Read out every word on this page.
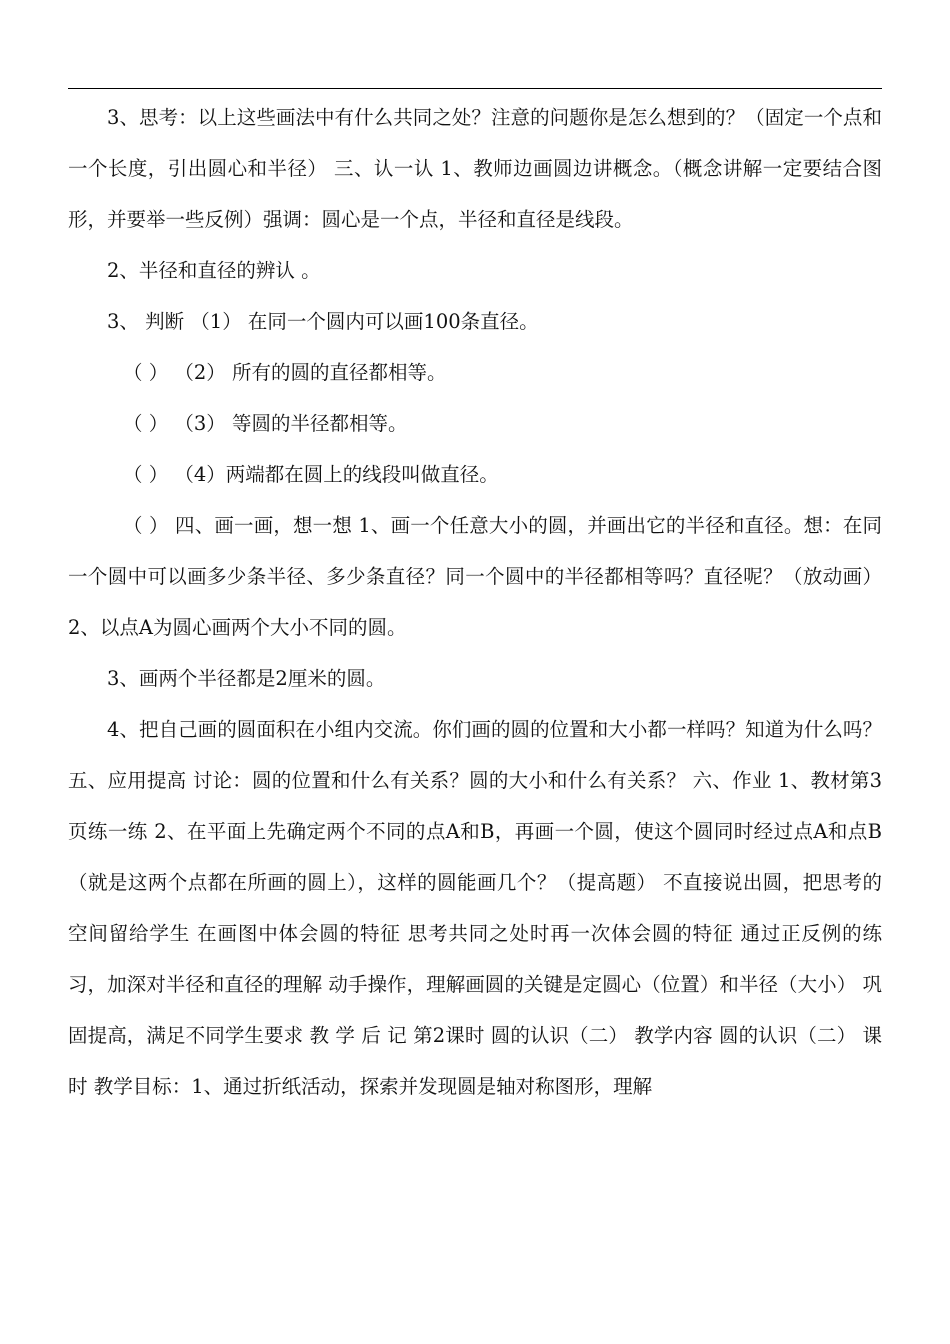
3、思考：以上这些画法中有什么共同之处？注意的问题你是怎么想到的？（固定一个点和一个长度，引出圆心和半径） 三、认一认 1、教师边画圆边讲概念。（概念讲解一定要结合图形，并要举一些反例）强调：圆心是一个点，半径和直径是线段。

2、半径和直径的辨认 。

3、 判断 （1） 在同一个圆内可以画100条直径。

（ ） （2） 所有的圆的直径都相等。

（ ） （3） 等圆的半径都相等。

（ ） （4）两端都在圆上的线段叫做直径。

（ ） 四、画一画，想一想 1、画一个任意大小的圆，并画出它的半径和直径。想：在同一个圆中可以画多少条半径、多少条直径？同一个圆中的半径都相等吗？直径呢？（放动画） 2、以点A为圆心画两个大小不同的圆。

3、画两个半径都是2厘米的圆。

4、把自己画的圆面积在小组内交流。你们画的圆的位置和大小都一样吗？知道为什么吗？ 五、应用提高 讨论：圆的位置和什么有关系？圆的大小和什么有关系？ 六、作业 1、教材第3页练一练 2、在平面上先确定两个不同的点A和B，再画一个圆，使这个圆同时经过点A和点B（就是这两个点都在所画的圆上），这样的圆能画几个？（提高题） 不直接说出圆，把思考的空间留给学生 在画图中体会圆的特征 思考共同之处时再一次体会圆的特征 通过正反例的练习，加深对半径和直径的理解 动手操作，理解画圆的关键是定圆心（位置）和半径（大小） 巩固提高，满足不同学生要求 教 学 后 记 第2课时 圆的认识（二） 教学内容 圆的认识（二） 课时 教学目标：1、通过折纸活动，探索并发现圆是轴对称图形，理解
